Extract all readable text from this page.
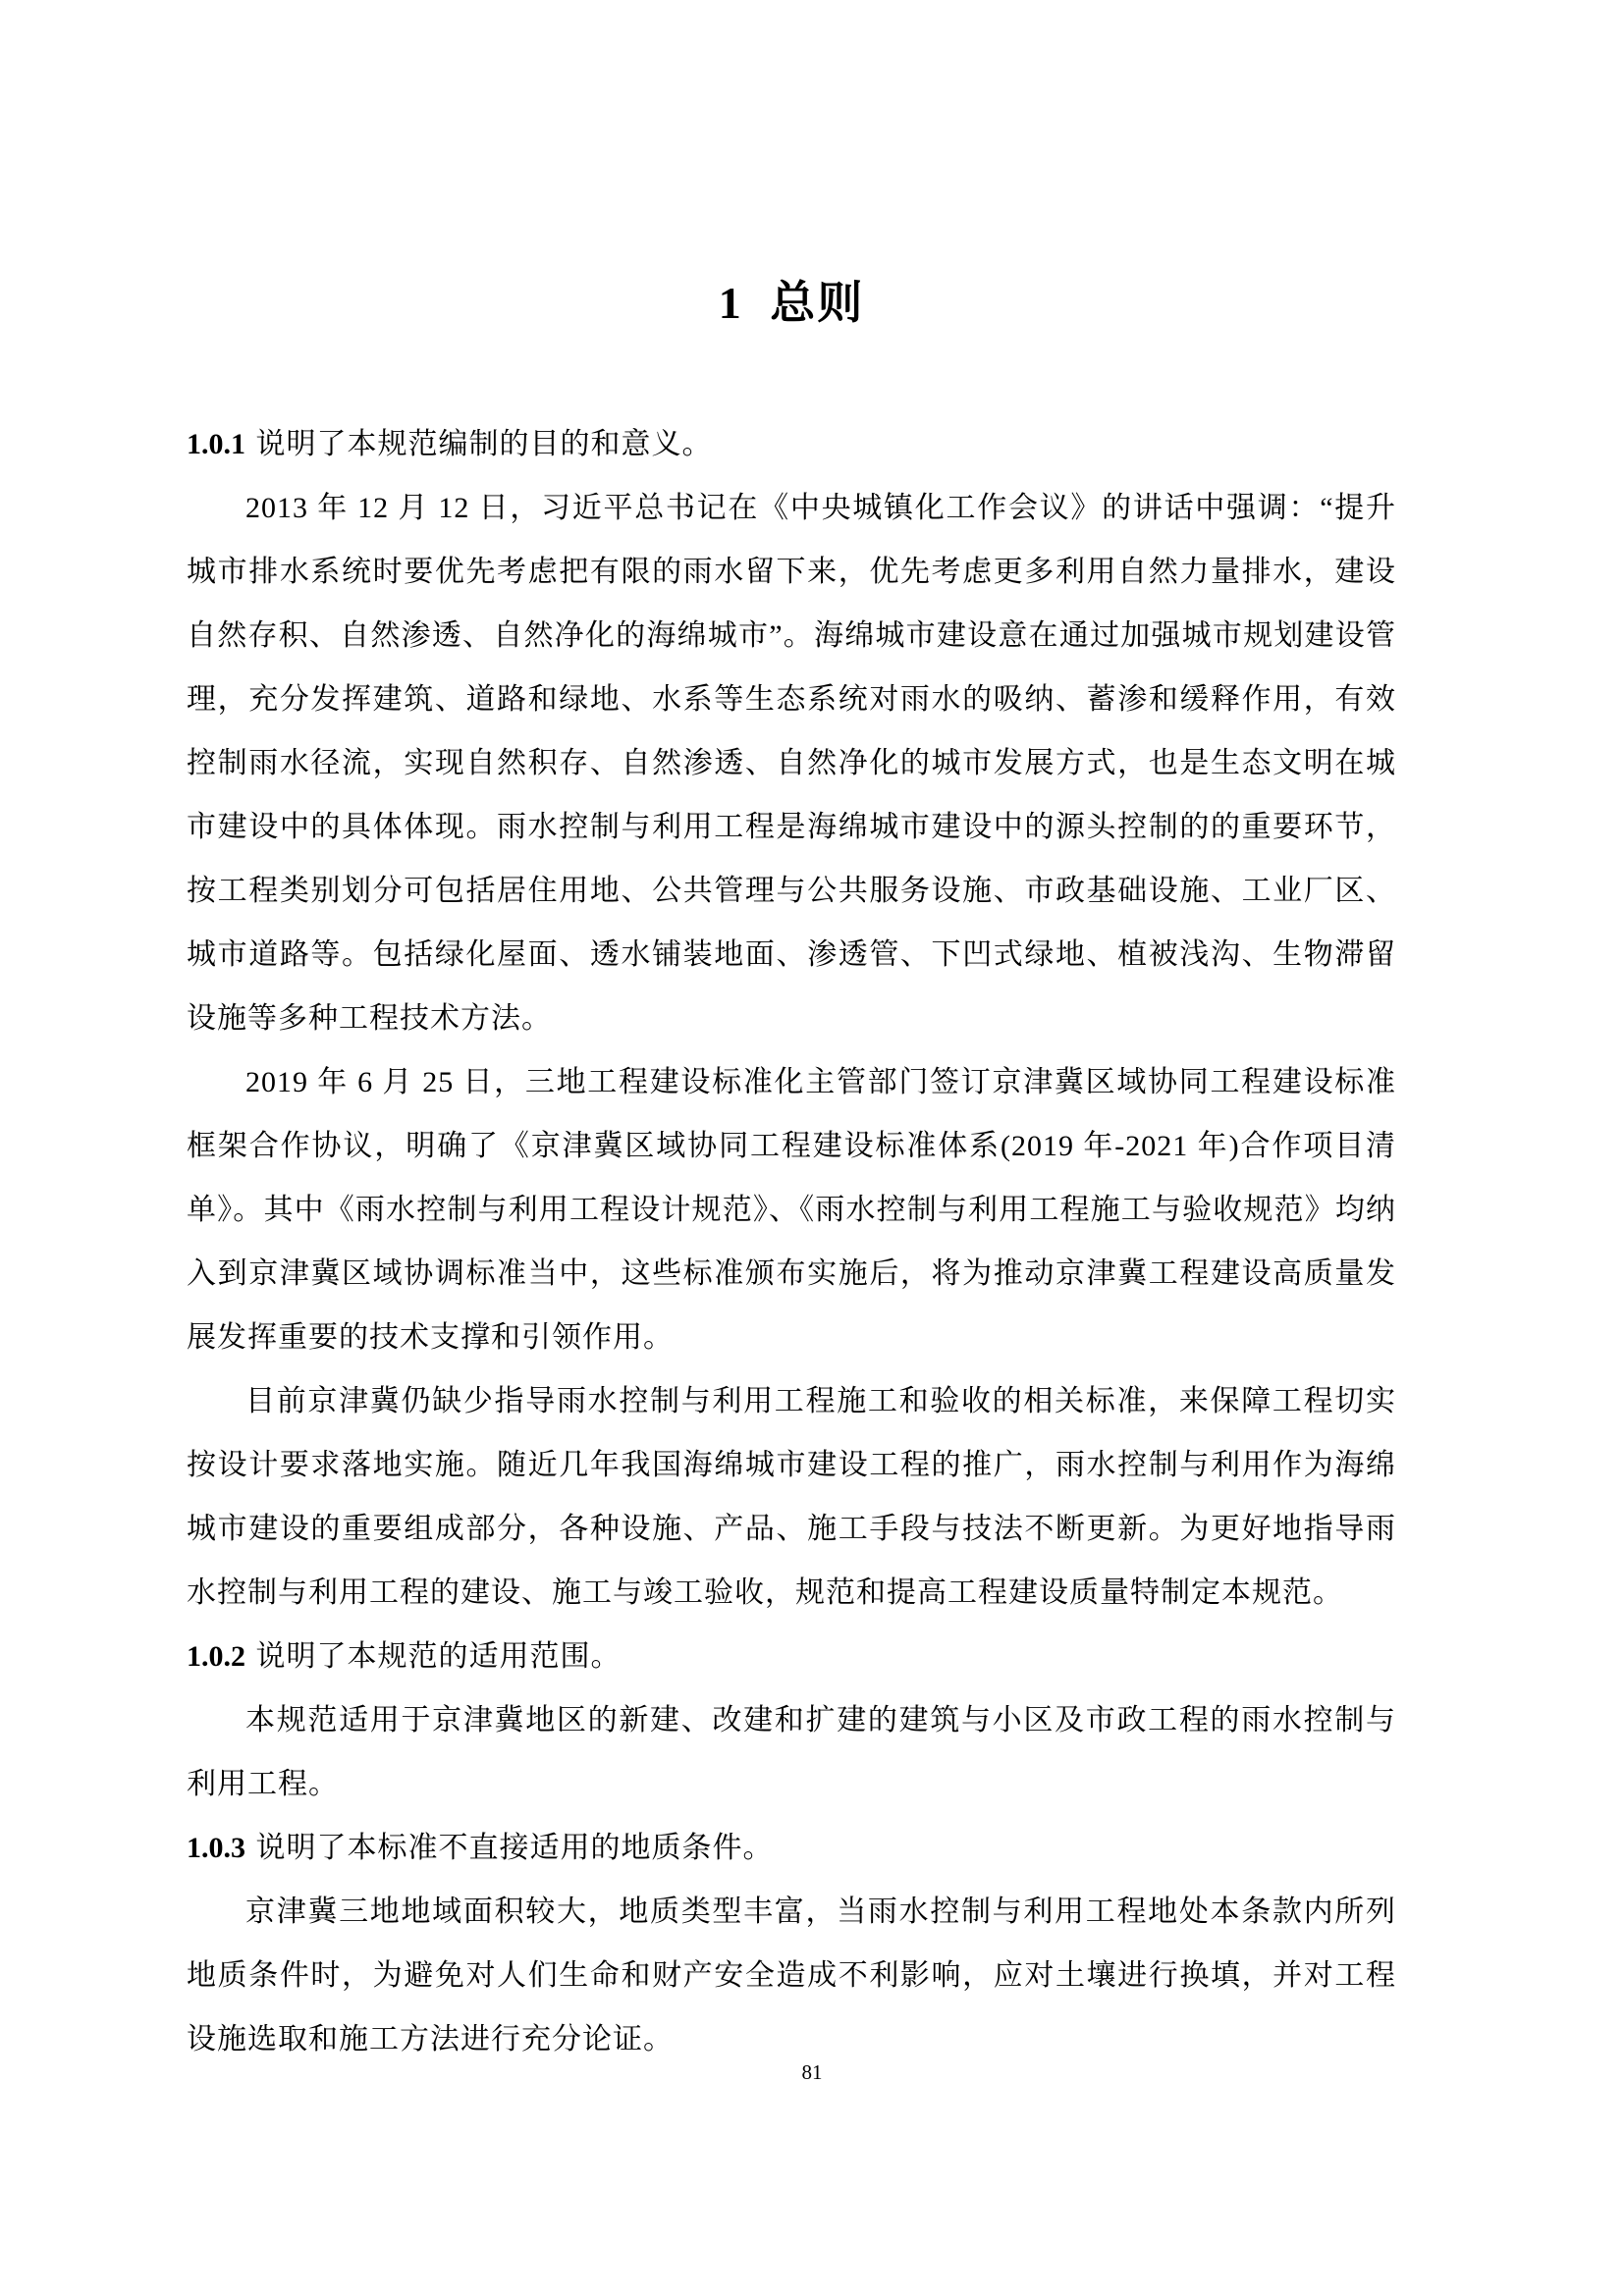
1 总则

1.0.1 说明了本规范编制的目的和意义。

2013 年 12 月 12 日，习近平总书记在《中央城镇化工作会议》的讲话中强调：“提升城市排水系统时要优先考虑把有限的雨水留下来，优先考虑更多利用自然力量排水，建设自然存积、自然渗透、自然净化的海绵城市”。海绵城市建设意在通过加强城市规划建设管理，充分发挥建筑、道路和绿地、水系等生态系统对雨水的吸纳、蓄渗和缓释作用，有效控制雨水径流，实现自然积存、自然渗透、自然净化的城市发展方式，也是生态文明在城市建设中的具体体现。雨水控制与利用工程是海绵城市建设中的源头控制的的重要环节，按工程类别划分可包括居住用地、公共管理与公共服务设施、市政基础设施、工业厂区、城市道路等。包括绿化屋面、透水铺装地面、渗透管、下凹式绿地、植被浅沟、生物滞留设施等多种工程技术方法。

2019 年 6 月 25 日，三地工程建设标准化主管部门签订京津冀区域协同工程建设标准框架合作协议，明确了《京津冀区域协同工程建设标准体系(2019 年-2021 年)合作项目清单》。其中《雨水控制与利用工程设计规范》、《雨水控制与利用工程施工与验收规范》均纳入到京津冀区域协调标准当中，这些标准颁布实施后，将为推动京津冀工程建设高质量发展发挥重要的技术支撑和引领作用。

目前京津冀仍缺少指导雨水控制与利用工程施工和验收的相关标准，来保障工程切实按设计要求落地实施。随近几年我国海绵城市建设工程的推广，雨水控制与利用作为海绵城市建设的重要组成部分，各种设施、产品、施工手段与技法不断更新。为更好地指导雨水控制与利用工程的建设、施工与竣工验收，规范和提高工程建设质量特制定本规范。

1.0.2 说明了本规范的适用范围。

本规范适用于京津冀地区的新建、改建和扩建的建筑与小区及市政工程的雨水控制与利用工程。

1.0.3 说明了本标准不直接适用的地质条件。

京津冀三地地域面积较大，地质类型丰富，当雨水控制与利用工程地处本条款内所列地质条件时，为避免对人们生命和财产安全造成不利影响，应对土壤进行换填，并对工程设施选取和施工方法进行充分论证。

81
